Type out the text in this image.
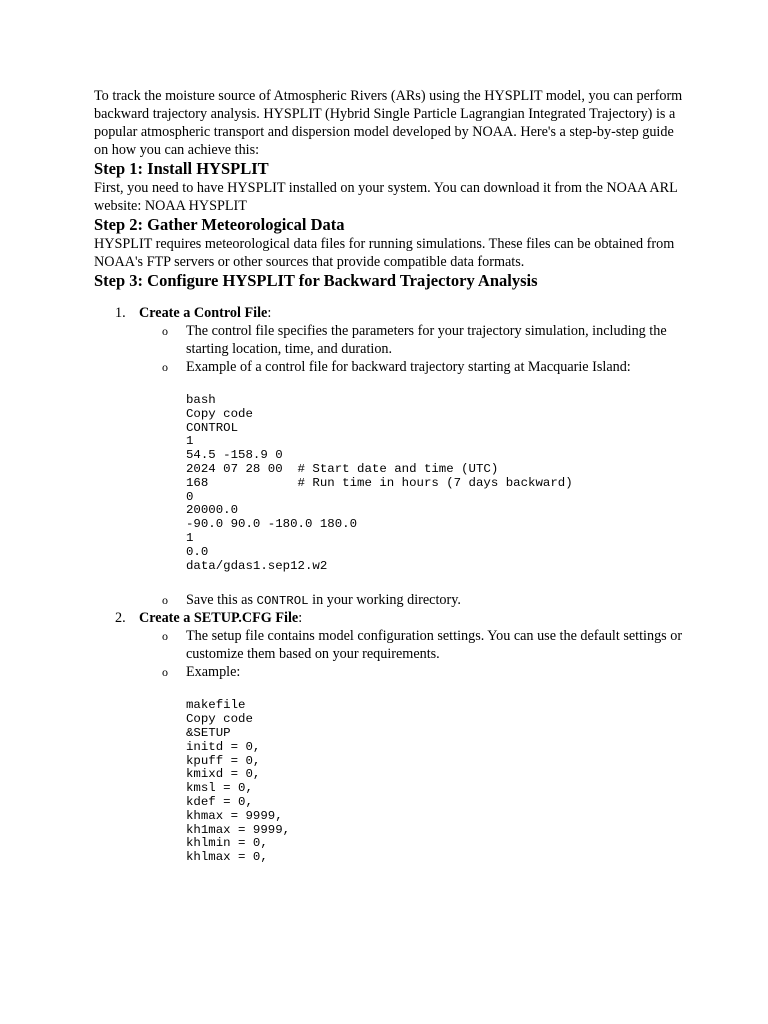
To track the moisture source of Atmospheric Rivers (ARs) using the HYSPLIT model, you can perform backward trajectory analysis. HYSPLIT (Hybrid Single Particle Lagrangian Integrated Trajectory) is a popular atmospheric transport and dispersion model developed by NOAA. Here's a step-by-step guide on how you can achieve this:

Step 1: Install HYSPLIT

First, you need to have HYSPLIT installed on your system. You can download it from the NOAA ARL website: NOAA HYSPLIT

Step 2: Gather Meteorological Data

HYSPLIT requires meteorological data files for running simulations. These files can be obtained from NOAA's FTP servers or other sources that provide compatible data formats.

Step 3: Configure HYSPLIT for Backward Trajectory Analysis
1. Create a Control File:
o The control file specifies the parameters for your trajectory simulation, including the starting location, time, and duration.
o Example of a control file for backward trajectory starting at Macquarie Island:
bash
Copy code
CONTROL
1
54.5 -158.9 0
2024 07 28 00  # Start date and time (UTC)
168            # Run time in hours (7 days backward)
0
20000.0
-90.0 90.0 -180.0 180.0
1
0.0
data/gdas1.sep12.w2
o Save this as CONTROL in your working directory.
2. Create a SETUP.CFG File:
o The setup file contains model configuration settings. You can use the default settings or customize them based on your requirements.
o Example:
makefile
Copy code
&SETUP
initd = 0,
kpuff = 0,
kmixd = 0,
kmsl = 0,
kdef = 0,
khmax = 9999,
kh1max = 9999,
khlmin = 0,
khlmax = 0,
